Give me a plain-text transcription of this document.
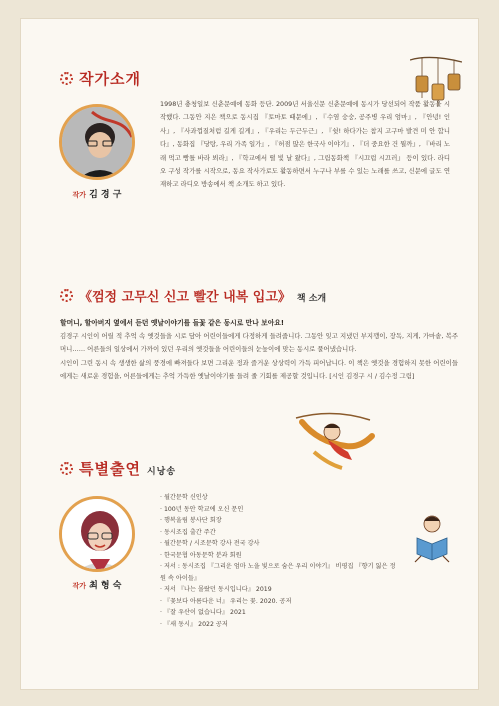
작가소개
작가 김 경 구

1998년 충청일보 신춘문예에 동화 등단. 2009년 서울신문 신춘문예에 동시가 당선되어 작품 활동을 시작했다. 그동안 지은 책으로 동시집 『토마토 때문에』, 『수염 숭숭, 공주병 우리 엄마』, 『안녕! 인사』, 『사과껍질처럼 길게 길게』, 『우리는 두근두근』, 『쉿! 하다가는 참지 고구마 발견 미 안 합니다』, 동화집 『당탕, 우리 가족 일가』, 『허점 많은 한국사 이야기』, 『더 중요한 건 뭘까』, 『바리 노래 먹고 빵틀 바라 뵈라』, 『학교에서 떨 빛 날 왔다』, 그림동화책 『시끄럽 시끄러』 등이 있다. 라디오 구성 작가를 시작으로, 동요 작사가로도 활동하면서 누구나 부를 수 있는 노래를 쓰고, 신문에 글도 연재하고 라디오 방송에서 책 소개도 하고 있다.

《껌정 고무신 신고 빨간 내복 입고》 책 소개
할머니, 할아버지 옆에서 듣던 옛날이야기를 들꽃 같은 동시로 만나 보아요!

김경구 시인이 어릴 적 추억 속 옛것들을 시로 담아 어린이들에게 다정하게 들려줍니다. 그동안 잊고 지냈던 부지깽이, 장독, 지게, 가마솥, 복주머니…… 어른들의 일상에서 가까이 있던 우리의 옛것들을 어린이들의 눈높이에 맞는 동시로 풀어냈습니다.

시인이 그린 동시 속 생생한 삶의 풍경에 빠져들다 보면 그리운 정과 즐거운 상상력이 가득 피어납니다. 이 책은 옛것을 경험하지 못한 어린이들에게는 새로운 경험을, 어른들에게는 추억 가득한 옛날이야기를 들려 줄 기회를 제공할 것입니다. [시인 김경구 시 / 김수정 그림]

특별출연 시낭송
작가 최 형 숙
· 월간문학 신인상
· 100년 동안 학교에 오신 문인
· 행복울림 봉사단 회장
· 동시조집 출간 주간
· 월간문학 / 시조문학 강사 전국 강사
· 한국문협 아동문학 분과 회원
· 저서 : 동시조집 『그리운 엄마 노을 빛으로 숨은 우리 이야기』 비평집 『향기 잃은 정원 속 아이들』
· 저서 『나는 몰랐던 동시입니다』 2019
· 『꽃보다 아름다운 너』 우리는 꽃. 2020. 공저
· 『잘 우산이 없습니다』 2021
· 『새 동시』 2022 공저
